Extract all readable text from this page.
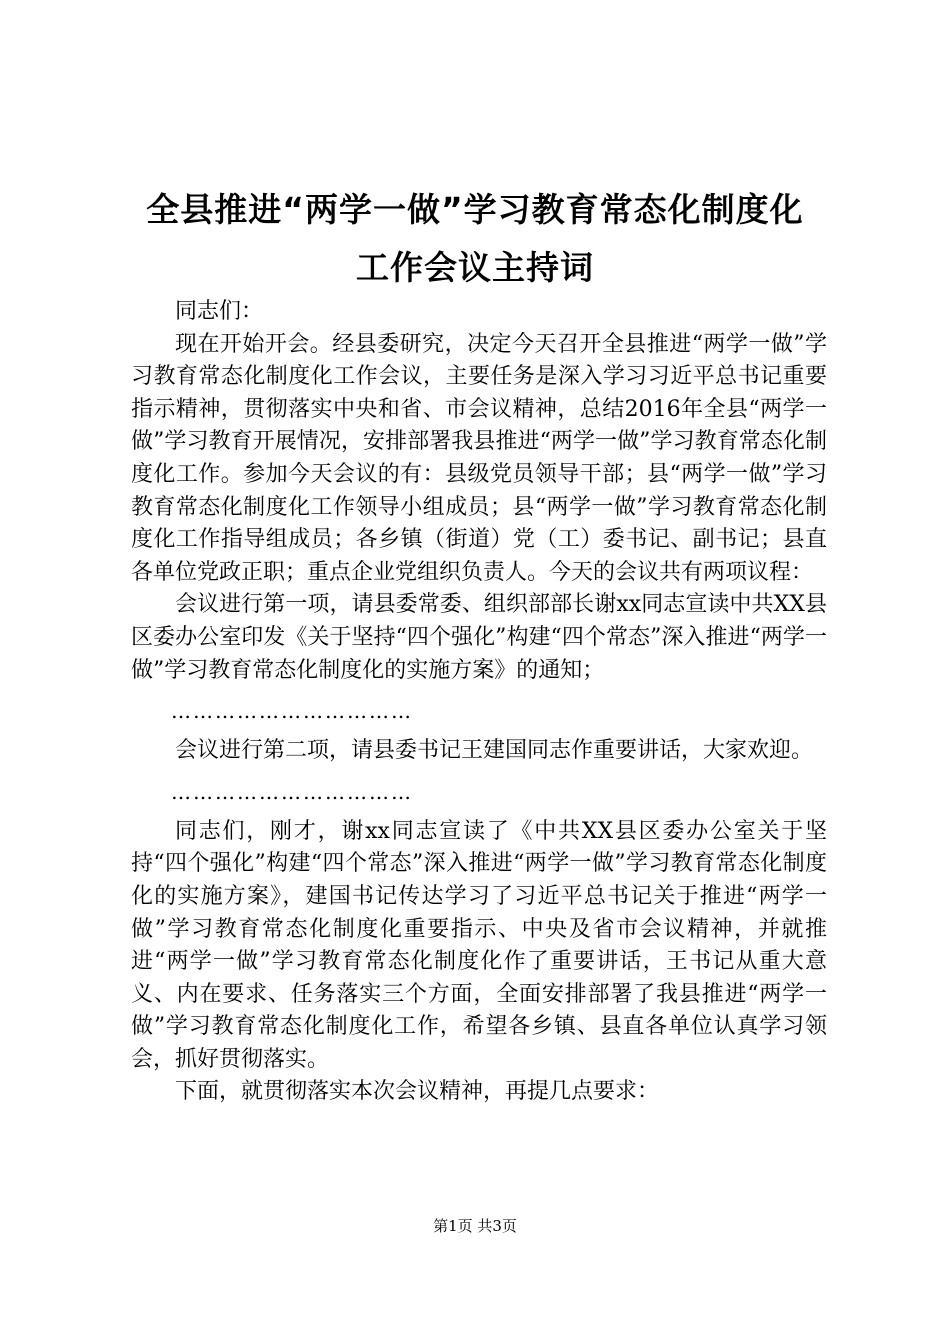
全县推进“两学一做”学习教育常态化制度化
工作会议主持词

同志们：

现在开始开会。经县委研究，决定今天召开全县推进“两学一做”学习教育常态化制度化工作会议，主要任务是深入学习习近平总书记重要指示精神，贯彻落实中央和省、市会议精神，总结2016年全县“两学一做”学习教育开展情况，安排部署我县推进“两学一做”学习教育常态化制度化工作。参加今天会议的有：县级党员领导干部；县“两学一做”学习教育常态化制度化工作领导小组成员；县“两学一做”学习教育常态化制度化工作指导组成员；各乡镇（街道）党（工）委书记、副书记；县直各单位党政正职；重点企业党组织负责人。今天的会议共有两项议程：

会议进行第一项，请县委常委、组织部部长谢xx同志宣读中共XX县区委办公室印发《关于坚持“四个强化”构建“四个常态”深入推进“两学一做”学习教育常态化制度化的实施方案》的通知；

……………………………

会议进行第二项，请县委书记王建国同志作重要讲话，大家欢迎。

……………………………

同志们，刚才，谢xx同志宣读了《中共XX县区委办公室关于坚持“四个强化”构建“四个常态”深入推进“两学一做”学习教育常态化制度化的实施方案》，建国书记传达学习了习近平总书记关于推进“两学一做”学习教育常态化制度化重要指示、中央及省市会议精神，并就推进“两学一做”学习教育常态化制度化作了重要讲话，王书记从重大意义、内在要求、任务落实三个方面，全面安排部署了我县推进“两学一做”学习教育常态化制度化工作，希望各乡镇、县直各单位认真学习领会，抓好贯彻落实。

下面，就贯彻落实本次会议精神，再提几点要求：

第1页 共3页
